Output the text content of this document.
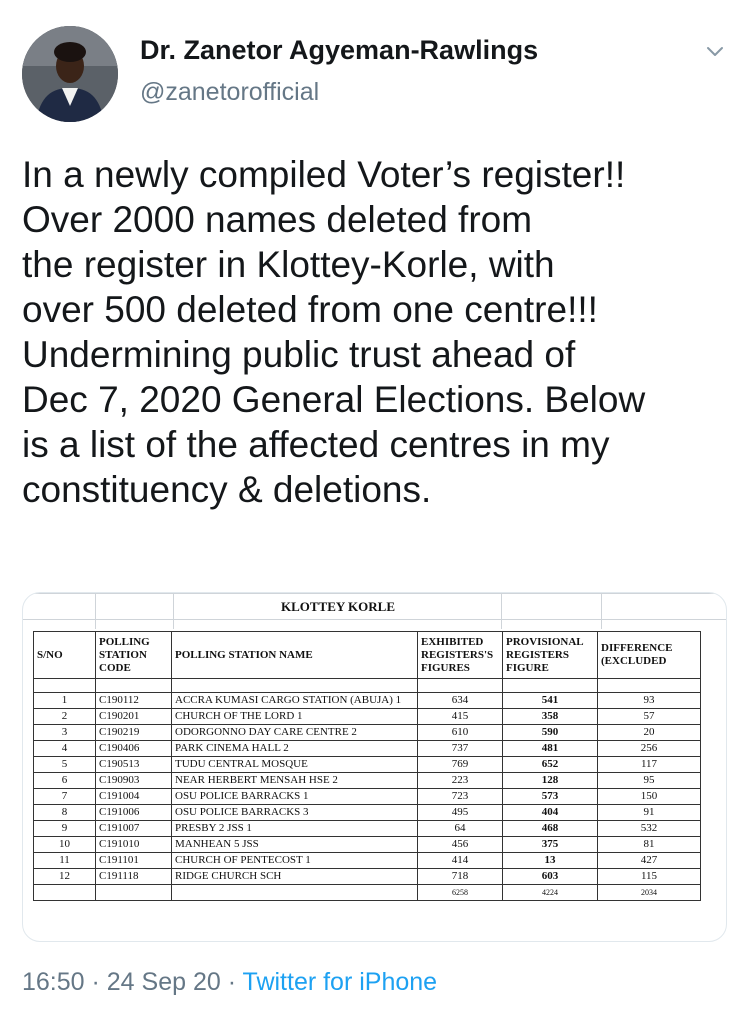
Dr. Zanetor Agyeman-Rawlings
@zanetorofficial
In a newly compiled Voter’s register!!
Over 2000 names deleted from
the register in Klottey-Korle, with
over 500 deleted from one centre!!!
Undermining public trust ahead of
Dec 7, 2020 General Elections. Below
is a list of the affected centres in my
constituency & deletions.
KLOTTEY KORLE
S/NO	POLLING STATION CODE	POLLING STATION NAME	EXHIBITED REGISTERS'S FIGURES	PROVISIONAL REGISTERS FIGURE	DIFFERENCE (EXCLUDED

1	C190112	ACCRA KUMASI CARGO STATION (ABUJA) 1	634	541	93
2	C190201	CHURCH OF THE LORD 1	415	358	57
3	C190219	ODORGONNO DAY CARE CENTRE 2	610	590	20
4	C190406	PARK CINEMA HALL 2	737	481	256
5	C190513	TUDU CENTRAL MOSQUE	769	652	117
6	C190903	NEAR HERBERT MENSAH HSE 2	223	128	95
7	C191004	OSU POLICE BARRACKS 1	723	573	150
8	C191006	OSU POLICE BARRACKS 3	495	404	91
9	C191007	PRESBY 2 JSS 1	64	468	532
10	C191010	MANHEAN 5 JSS	456	375	81
11	C191101	CHURCH OF PENTECOST 1	414	13	427
12	C191118	RIDGE CHURCH SCH	718	603	115
			6258	4224	2034
16:50 · 24 Sep 20 · Twitter for iPhone
